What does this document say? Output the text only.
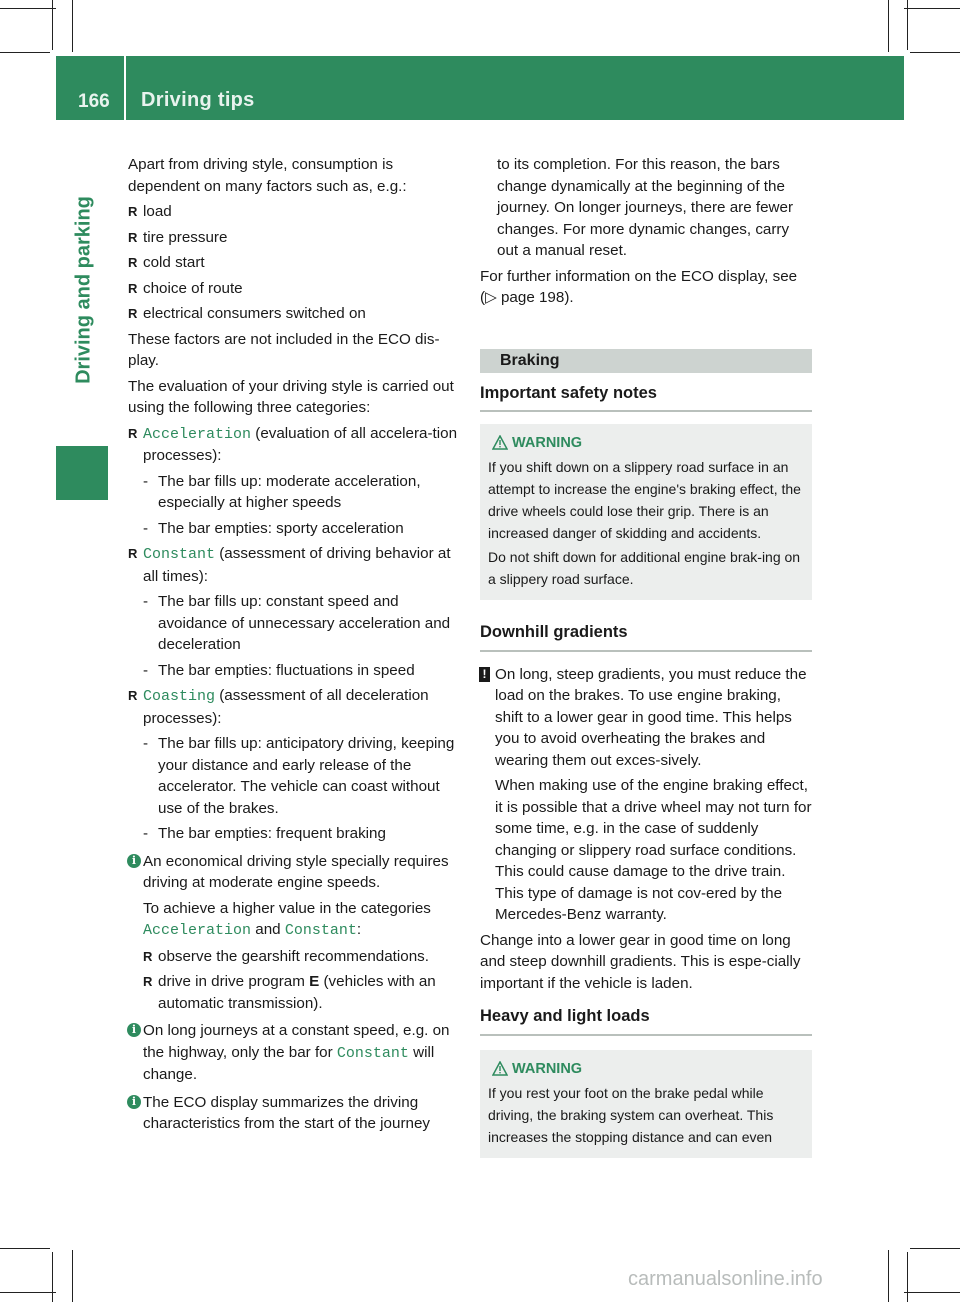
166 Driving tips
Driving and parking

Apart from driving style, consumption is dependent on many factors such as, e.g.:

R load
R tire pressure
R cold start
R choice of route
R electrical consumers switched on

These factors are not included in the ECO dis-play.

The evaluation of your driving style is carried out using the following three categories:

R Acceleration (evaluation of all accelera-tion processes):
- The bar fills up: moderate acceleration, especially at higher speeds
- The bar empties: sporty acceleration
R Constant (assessment of driving behavior at all times):
- The bar fills up: constant speed and avoidance of unnecessary acceleration and deceleration
- The bar empties: fluctuations in speed
R Coasting (assessment of all deceleration processes):
- The bar fills up: anticipatory driving, keeping your distance and early release of the accelerator. The vehicle can coast without use of the brakes.
- The bar empties: frequent braking
i An economical driving style specially requires driving at moderate engine speeds.

To achieve a higher value in the categories Acceleration and Constant:

R observe the gearshift recommendations.
R drive in drive program E (vehicles with an automatic transmission).
i On long journeys at a constant speed, e.g. on the highway, only the bar for Constant will change.
i The ECO display summarizes the driving characteristics from the start of the journey

to its completion. For this reason, the bars change dynamically at the beginning of the journey. On longer journeys, there are fewer changes. For more dynamic changes, carry out a manual reset.

For further information on the ECO display, see (▷ page 198).

Braking
Important safety notes
WARNING

If you shift down on a slippery road surface in an attempt to increase the engine's braking effect, the drive wheels could lose their grip. There is an increased danger of skidding and accidents.

Do not shift down for additional engine brak-ing on a slippery road surface.

Downhill gradients
! On long, steep gradients, you must reduce the load on the brakes. To use engine braking, shift to a lower gear in good time. This helps you to avoid overheating the brakes and wearing them out exces-sively.

When making use of the engine braking effect, it is possible that a drive wheel may not turn for some time, e.g. in the case of suddenly changing or slippery road surface conditions. This could cause damage to the drive train. This type of damage is not cov-ered by the Mercedes-Benz warranty.

Change into a lower gear in good time on long and steep downhill gradients. This is espe-cially important if the vehicle is laden.

Heavy and light loads
WARNING

If you rest your foot on the brake pedal while driving, the braking system can overheat. This increases the stopping distance and can even

carmanualsonline.info
